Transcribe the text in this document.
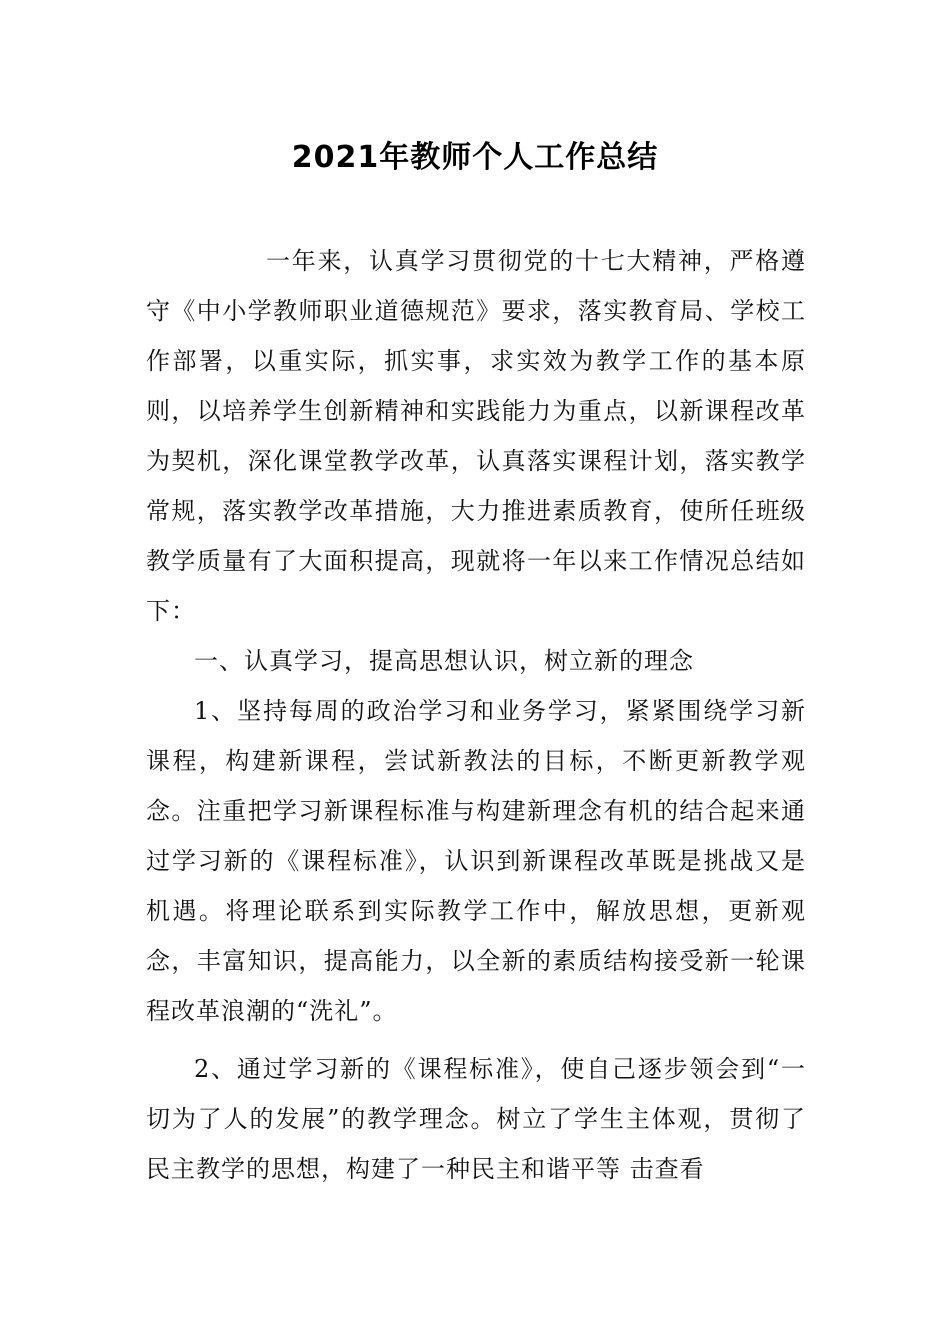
2021年教师个人工作总结

一年来，认真学习贯彻党的十七大精神，严格遵守《中小学教师职业道德规范》要求，落实教育局、学校工作部署，以重实际，抓实事，求实效为教学工作的基本原则，以培养学生创新精神和实践能力为重点，以新课程改革为契机，深化课堂教学改革，认真落实课程计划，落实教学常规，落实教学改革措施，大力推进素质教育，使所任班级教学质量有了大面积提高，现就将一年以来工作情况总结如下：

一、认真学习，提高思想认识，树立新的理念

1、坚持每周的政治学习和业务学习，紧紧围绕学习新课程，构建新课程，尝试新教法的目标，不断更新教学观念。注重把学习新课程标准与构建新理念有机的结合起来通过学习新的《课程标准》，认识到新课程改革既是挑战又是机遇。将理论联系到实际教学工作中，解放思想，更新观念，丰富知识，提高能力，以全新的素质结构接受新一轮课程改革浪潮的“洗礼”。

2、通过学习新的《课程标准》，使自己逐步领会到“一切为了人的发展”的教学理念。树立了学生主体观，贯彻了民主教学的思想，构建了一种民主和谐平等 击查看
